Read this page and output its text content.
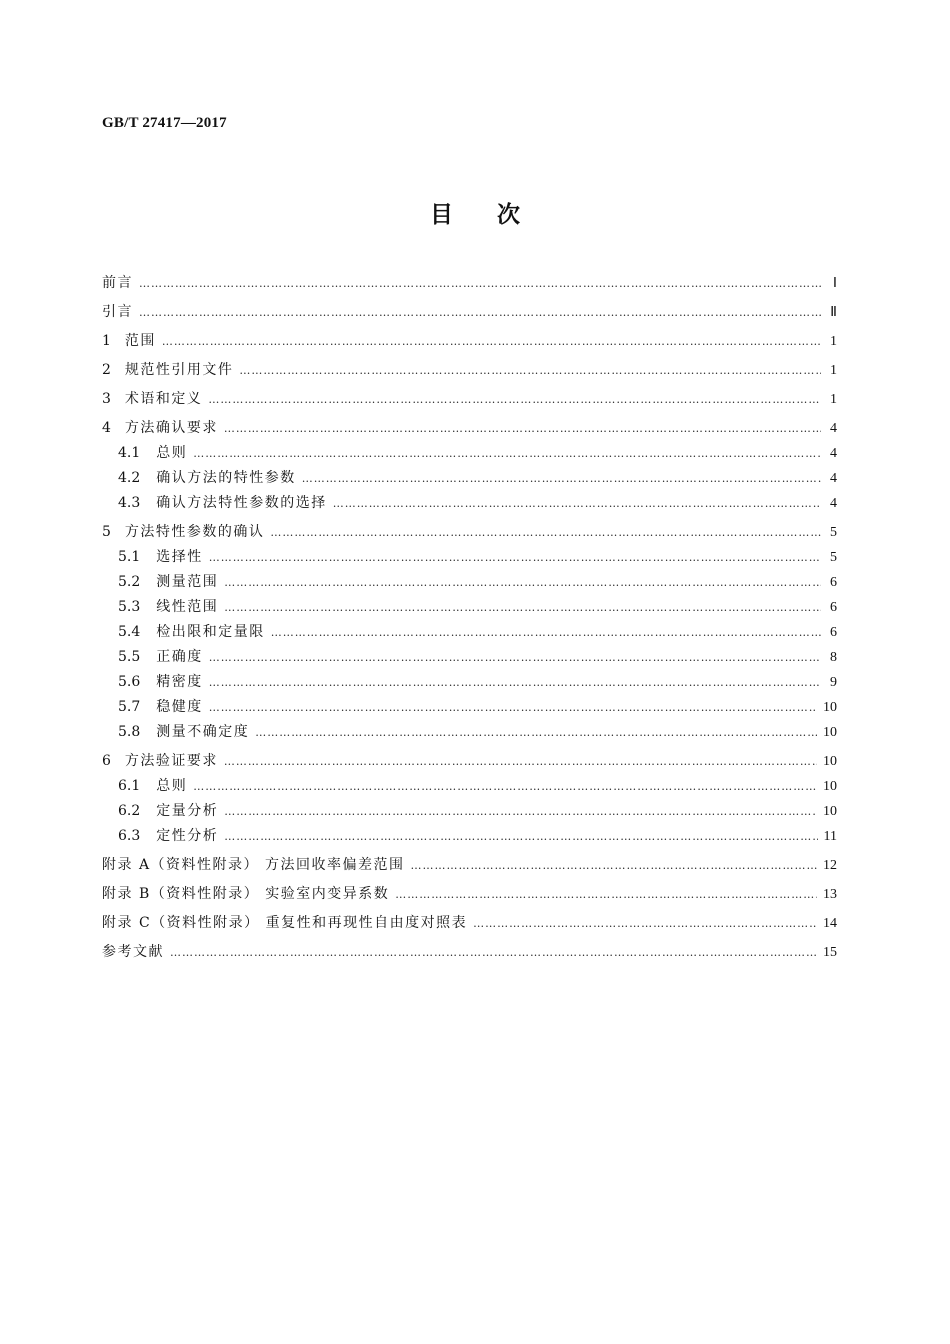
GB/T 27417—2017
目次
前言 ……………………………………………………………………………………………………………………………………………………………………………………………………………………	Ⅰ
引言 ……………………………………………………………………………………………………………………………………………………………………………………………………………………	Ⅱ
1 范围 ……………………………………………………………………………………………………………………………………………………………………………………………………………………	1
2 规范性引用文件 ……………………………………………………………………………………………………………………………………………………………………………………………………………………	1
3 术语和定义 ……………………………………………………………………………………………………………………………………………………………………………………………………………………	1
4 方法确认要求 ……………………………………………………………………………………………………………………………………………………………………………………………………………………	4
4.1 总则 ……………………………………………………………………………………………………………………………………………………………………………………………………………………	4
4.2 确认方法的特性参数 ……………………………………………………………………………………………………………………………………………………………………………………………………………………	4
4.3 确认方法特性参数的选择 ……………………………………………………………………………………………………………………………………………………………………………………………………………………	4
5 方法特性参数的确认 ……………………………………………………………………………………………………………………………………………………………………………………………………………………	5
5.1 选择性 ……………………………………………………………………………………………………………………………………………………………………………………………………………………	5
5.2 测量范围 ……………………………………………………………………………………………………………………………………………………………………………………………………………………	6
5.3 线性范围 ……………………………………………………………………………………………………………………………………………………………………………………………………………………	6
5.4 检出限和定量限 ……………………………………………………………………………………………………………………………………………………………………………………………………………………	6
5.5 正确度 ……………………………………………………………………………………………………………………………………………………………………………………………………………………	8
5.6 精密度 ……………………………………………………………………………………………………………………………………………………………………………………………………………………	9
5.7 稳健度 ……………………………………………………………………………………………………………………………………………………………………………………………………………………	10
5.8 测量不确定度 ……………………………………………………………………………………………………………………………………………………………………………………………………………………	10
6 方法验证要求 ……………………………………………………………………………………………………………………………………………………………………………………………………………………	10
6.1 总则 ……………………………………………………………………………………………………………………………………………………………………………………………………………………	10
6.2 定量分析 ……………………………………………………………………………………………………………………………………………………………………………………………………………………	10
6.3 定性分析 ……………………………………………………………………………………………………………………………………………………………………………………………………………………	11
附录 A（资料性附录） 方法回收率偏差范围 ……………………………………………………………………………………………………………………………………………………………………………………………………………………	12
附录 B（资料性附录） 实验室内变异系数 ……………………………………………………………………………………………………………………………………………………………………………………………………………………	13
附录 C（资料性附录） 重复性和再现性自由度对照表 ……………………………………………………………………………………………………………………………………………………………………………………………………………………	14
参考文献 ……………………………………………………………………………………………………………………………………………………………………………………………………………………	15
